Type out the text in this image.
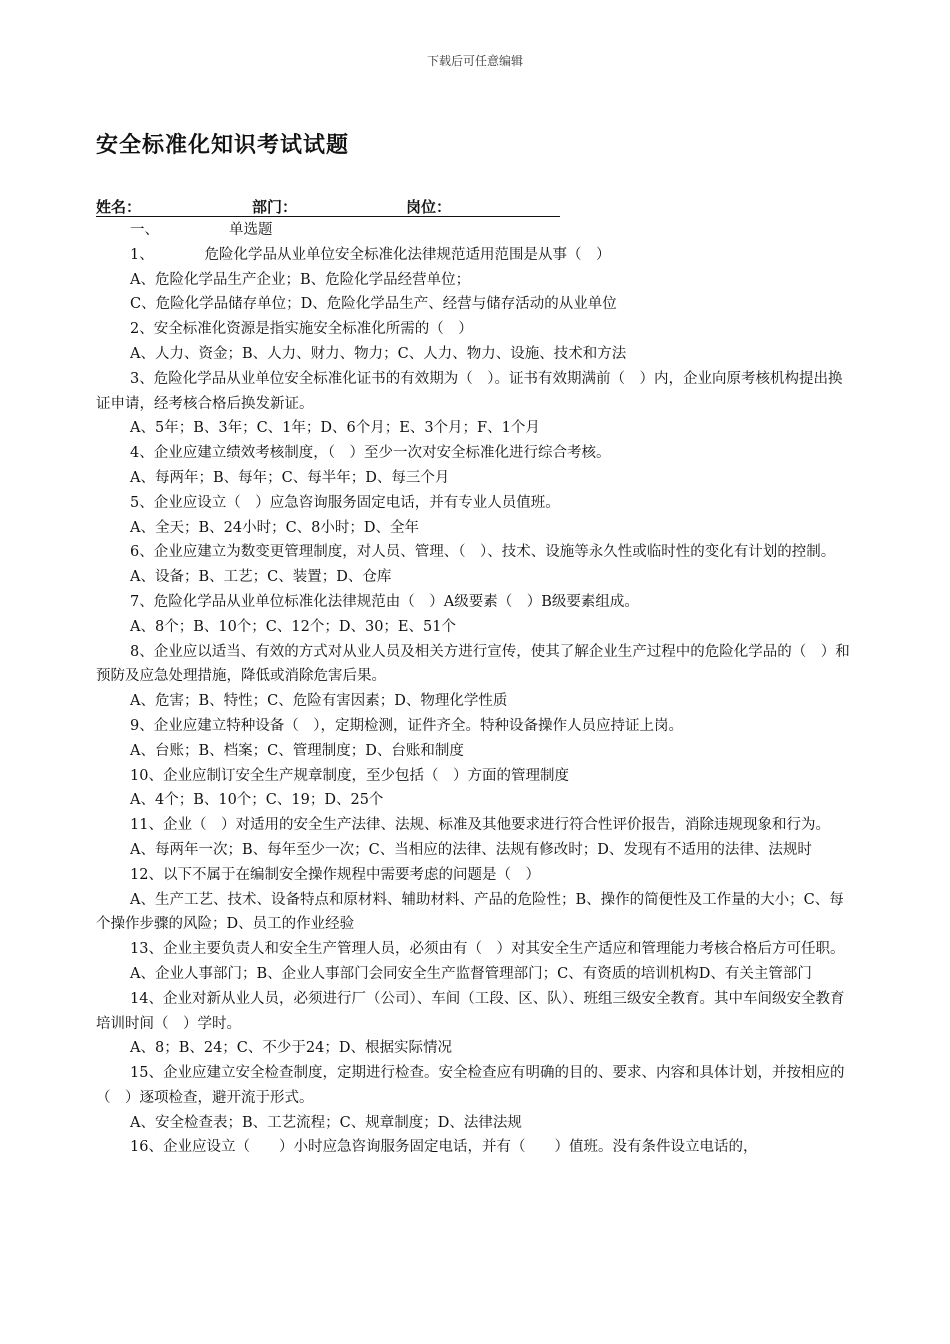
下载后可任意编辑
安全标准化知识考试试题
姓名：	部门：	岗位：

一、	单选题

1、　　　　危险化学品从业单位安全标准化法律规范适用范围是从事（　）

A、危险化学品生产企业；B、危险化学品经营单位；

C、危险化学品储存单位；D、危险化学品生产、经营与储存活动的从业单位

2、安全标准化资源是指实施安全标准化所需的（　）

A、人力、资金；B、人力、财力、物力；C、人力、物力、设施、技术和方法

3、危险化学品从业单位安全标准化证书的有效期为（　）。证书有效期满前（　）内，企业向原考核机构提出换证申请，经考核合格后换发新证。

A、5年；B、3年；C、1年；D、6个月；E、3个月；F、1个月

4、企业应建立绩效考核制度，（　）至少一次对安全标准化进行综合考核。

A、每两年；B、每年；C、每半年；D、每三个月

5、企业应设立（　）应急咨询服务固定电话，并有专业人员值班。

A、全天；B、24小时；C、8小时；D、全年

6、企业应建立为数变更管理制度，对人员、管理、（　）、技术、设施等永久性或临时性的变化有计划的控制。

A、设备；B、工艺；C、装置；D、仓库

7、危险化学品从业单位标准化法律规范由（　）A级要素（　）B级要素组成。

A、8个；B、10个；C、12个；D、30；E、51个

8、企业应以适当、有效的方式对从业人员及相关方进行宣传，使其了解企业生产过程中的危险化学品的（　）和预防及应急处理措施，降低或消除危害后果。

A、危害；B、特性；C、危险有害因素；D、物理化学性质

9、企业应建立特种设备（　），定期检测，证件齐全。特种设备操作人员应持证上岗。

A、台账；B、档案；C、管理制度；D、台账和制度

10、企业应制订安全生产规章制度，至少包括（　）方面的管理制度

A、4个；B、10个；C、19；D、25个

11、企业（　）对适用的安全生产法律、法规、标准及其他要求进行符合性评价报告，消除违规现象和行为。

A、每两年一次；B、每年至少一次；C、当相应的法律、法规有修改时；D、发现有不适用的法律、法规时

12、以下不属于在编制安全操作规程中需要考虑的问题是（　）

A、生产工艺、技术、设备特点和原材料、辅助材料、产品的危险性；B、操作的简便性及工作量的大小；C、每个操作步骤的风险；D、员工的作业经验

13、企业主要负责人和安全生产管理人员，必须由有（　）对其安全生产适应和管理能力考核合格后方可任职。

A、企业人事部门；B、企业人事部门会同安全生产监督管理部门；C、有资质的培训机构D、有关主管部门

14、企业对新从业人员，必须进行厂（公司）、车间（工段、区、队）、班组三级安全教育。其中车间级安全教育培训时间（　）学时。

A、8；B、24；C、不少于24；D、根据实际情况

15、企业应建立安全检查制度，定期进行检查。安全检查应有明确的目的、要求、内容和具体计划，并按相应的（　）逐项检查，避开流于形式。

A、安全检查表；B、工艺流程；C、规章制度；D、法律法规

16、企业应设立（　　）小时应急咨询服务固定电话，并有（　　）值班。没有条件设立电话的，
